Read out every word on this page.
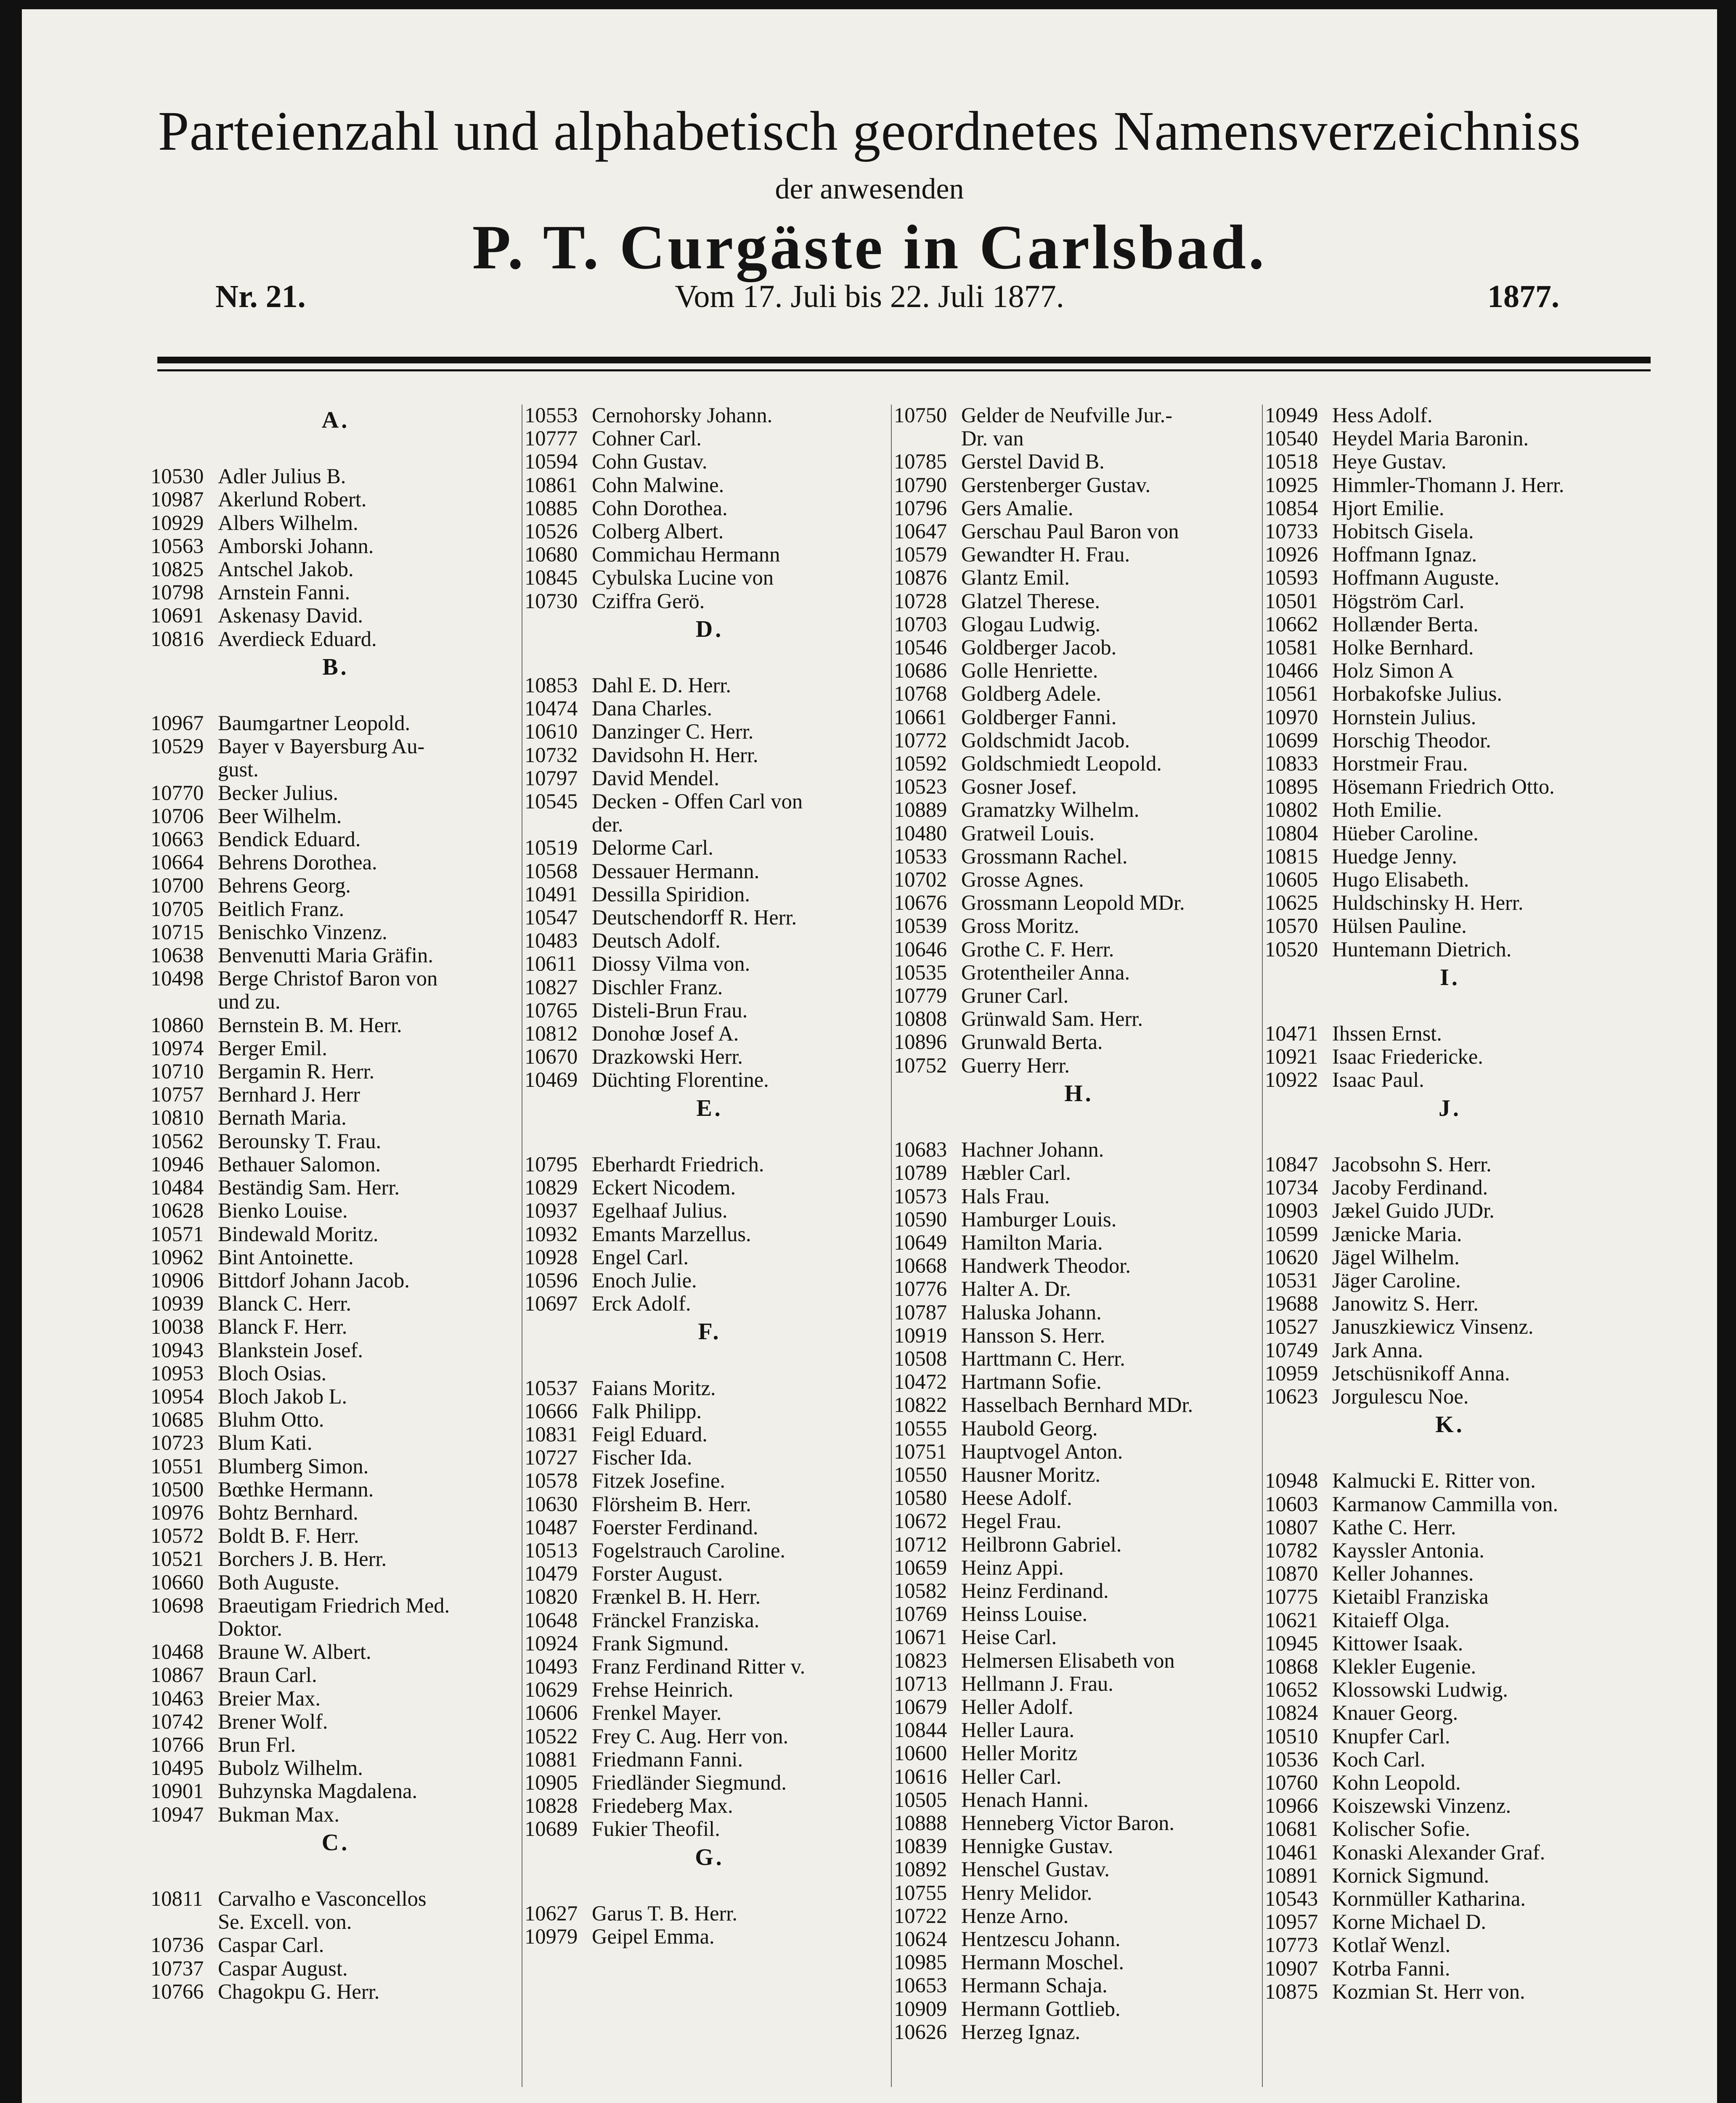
Parteienzahl und alphabetisch geordnetes Namensverzeichniss
der anwesenden
P. T. Curgäste in Carlsbad.
Nr. 21.	Vom 17. Juli bis 22. Juli 1877.	1877.
A.
10530 Adler Julius B.
10987 Akerlund Robert.
10929 Albers Wilhelm.
10563 Amborski Johann.
10825 Antschel Jakob.
10798 Arnstein Fanni.
10691 Askenasy David.
10816 Averdieck Eduard.
B.
10967 Baumgartner Leopold.
10529 Bayer v Bayersburg Au-
gust.
10770 Becker Julius.
10706 Beer Wilhelm.
10663 Bendick Eduard.
10664 Behrens Dorothea.
10700 Behrens Georg.
10705 Beitlich Franz.
10715 Benischko Vinzenz.
10638 Benvenutti Maria Gräfin.
10498 Berge Christof Baron von
und zu.
10860 Bernstein B. M. Herr.
10974 Berger Emil.
10710 Bergamin R. Herr.
10757 Bernhard J. Herr
10810 Bernath Maria.
10562 Berounsky T. Frau.
10946 Bethauer Salomon.
10484 Beständig Sam. Herr.
10628 Bienko Louise.
10571 Bindewald Moritz.
10962 Bint Antoinette.
10906 Bittdorf Johann Jacob.
10939 Blanck C. Herr.
10038 Blanck F. Herr.
10943 Blankstein Josef.
10953 Bloch Osias.
10954 Bloch Jakob L.
10685 Bluhm Otto.
10723 Blum Kati.
10551 Blumberg Simon.
10500 Bœthke Hermann.
10976 Bohtz Bernhard.
10572 Boldt B. F. Herr.
10521 Borchers J. B. Herr.
10660 Both Auguste.
10698 Braeutigam Friedrich Med.
Doktor.
10468 Braune W. Albert.
10867 Braun Carl.
10463 Breier Max.
10742 Brener Wolf.
10766 Brun Frl.
10495 Bubolz Wilhelm.
10901 Buhzynska Magdalena.
10947 Bukman Max.
C.
10811 Carvalho e Vasconcellos
Se. Excell. von.
10736 Caspar Carl.
10737 Caspar August.
10766 Chagokpu G. Herr.
10553 Cernohorsky Johann.
10777 Cohner Carl.
10594 Cohn Gustav.
10861 Cohn Malwine.
10885 Cohn Dorothea.
10526 Colberg Albert.
10680 Commichau Hermann
10845 Cybulska Lucine von
10730 Cziffra Gerö.
D.
10853 Dahl E. D. Herr.
10474 Dana Charles.
10610 Danzinger C. Herr.
10732 Davidsohn H. Herr.
10797 David Mendel.
10545 Decken - Offen Carl von
der.
10519 Delorme Carl.
10568 Dessauer Hermann.
10491 Dessilla Spiridion.
10547 Deutschendorff R. Herr.
10483 Deutsch Adolf.
10611 Diossy Vilma von.
10827 Dischler Franz.
10765 Disteli-Brun Frau.
10812 Donohœ Josef A.
10670 Drazkowski Herr.
10469 Düchting Florentine.
E.
10795 Eberhardt Friedrich.
10829 Eckert Nicodem.
10937 Egelhaaf Julius.
10932 Emants Marzellus.
10928 Engel Carl.
10596 Enoch Julie.
10697 Erck Adolf.
F.
10537 Faians Moritz.
10666 Falk Philipp.
10831 Feigl Eduard.
10727 Fischer Ida.
10578 Fitzek Josefine.
10630 Flörsheim B. Herr.
10487 Foerster Ferdinand.
10513 Fogelstrauch Caroline.
10479 Forster August.
10820 Frænkel B. H. Herr.
10648 Fränckel Franziska.
10924 Frank Sigmund.
10493 Franz Ferdinand Ritter v.
10629 Frehse Heinrich.
10606 Frenkel Mayer.
10522 Frey C. Aug. Herr von.
10881 Friedmann Fanni.
10905 Friedländer Siegmund.
10828 Friedeberg Max.
10689 Fukier Theofil.
G.
10627 Garus T. B. Herr.
10979 Geipel Emma.
10750 Gelder de Neufville Jur.-
Dr. van
10785 Gerstel David B.
10790 Gerstenberger Gustav.
10796 Gers Amalie.
10647 Gerschau Paul Baron von
10579 Gewandter H. Frau.
10876 Glantz Emil.
10728 Glatzel Therese.
10703 Glogau Ludwig.
10546 Goldberger Jacob.
10686 Golle Henriette.
10768 Goldberg Adele.
10661 Goldberger Fanni.
10772 Goldschmidt Jacob.
10592 Goldschmiedt Leopold.
10523 Gosner Josef.
10889 Gramatzky Wilhelm.
10480 Gratweil Louis.
10533 Grossmann Rachel.
10702 Grosse Agnes.
10676 Grossmann Leopold MDr.
10539 Gross Moritz.
10646 Grothe C. F. Herr.
10535 Grotentheiler Anna.
10779 Gruner Carl.
10808 Grünwald Sam. Herr.
10896 Grunwald Berta.
10752 Guerry Herr.
H.
10683 Hachner Johann.
10789 Hæbler Carl.
10573 Hals Frau.
10590 Hamburger Louis.
10649 Hamilton Maria.
10668 Handwerk Theodor.
10776 Halter A. Dr.
10787 Haluska Johann.
10919 Hansson S. Herr.
10508 Harttmann C. Herr.
10472 Hartmann Sofie.
10822 Hasselbach Bernhard MDr.
10555 Haubold Georg.
10751 Hauptvogel Anton.
10550 Hausner Moritz.
10580 Heese Adolf.
10672 Hegel Frau.
10712 Heilbronn Gabriel.
10659 Heinz Appi.
10582 Heinz Ferdinand.
10769 Heinss Louise.
10671 Heise Carl.
10823 Helmersen Elisabeth von
10713 Hellmann J. Frau.
10679 Heller Adolf.
10844 Heller Laura.
10600 Heller Moritz
10616 Heller Carl.
10505 Henach Hanni.
10888 Henneberg Victor Baron.
10839 Hennigke Gustav.
10892 Henschel Gustav.
10755 Henry Melidor.
10722 Henze Arno.
10624 Hentzescu Johann.
10985 Hermann Moschel.
10653 Hermann Schaja.
10909 Hermann Gottlieb.
10626 Herzeg Ignaz.
10949 Hess Adolf.
10540 Heydel Maria Baronin.
10518 Heye Gustav.
10925 Himmler-Thomann J. Herr.
10854 Hjort Emilie.
10733 Hobitsch Gisela.
10926 Hoffmann Ignaz.
10593 Hoffmann Auguste.
10501 Högström Carl.
10662 Hollænder Berta.
10581 Holke Bernhard.
10466 Holz Simon A
10561 Horbakofske Julius.
10970 Hornstein Julius.
10699 Horschig Theodor.
10833 Horstmeir Frau.
10895 Hösemann Friedrich Otto.
10802 Hoth Emilie.
10804 Hüeber Caroline.
10815 Huedge Jenny.
10605 Hugo Elisabeth.
10625 Huldschinsky H. Herr.
10570 Hülsen Pauline.
10520 Huntemann Dietrich.
I.
10471 Ihssen Ernst.
10921 Isaac Friedericke.
10922 Isaac Paul.
J.
10847 Jacobsohn S. Herr.
10734 Jacoby Ferdinand.
10903 Jækel Guido JUDr.
10599 Jænicke Maria.
10620 Jägel Wilhelm.
10531 Jäger Caroline.
19688 Janowitz S. Herr.
10527 Januszkiewicz Vinsenz.
10749 Jark Anna.
10959 Jetschüsnikoff Anna.
10623 Jorgulescu Noe.
K.
10948 Kalmucki E. Ritter von.
10603 Karmanow Cammilla von.
10807 Kathe C. Herr.
10782 Kayssler Antonia.
10870 Keller Johannes.
10775 Kietaibl Franziska
10621 Kitaieff Olga.
10945 Kittower Isaak.
10868 Klekler Eugenie.
10652 Klossowski Ludwig.
10824 Knauer Georg.
10510 Knupfer Carl.
10536 Koch Carl.
10760 Kohn Leopold.
10966 Koiszewski Vinzenz.
10681 Kolischer Sofie.
10461 Konaski Alexander Graf.
10891 Kornick Sigmund.
10543 Kornmüller Katharina.
10957 Korne Michael D.
10773 Kotlař Wenzl.
10907 Kotrba Fanni.
10875 Kozmian St. Herr von.
